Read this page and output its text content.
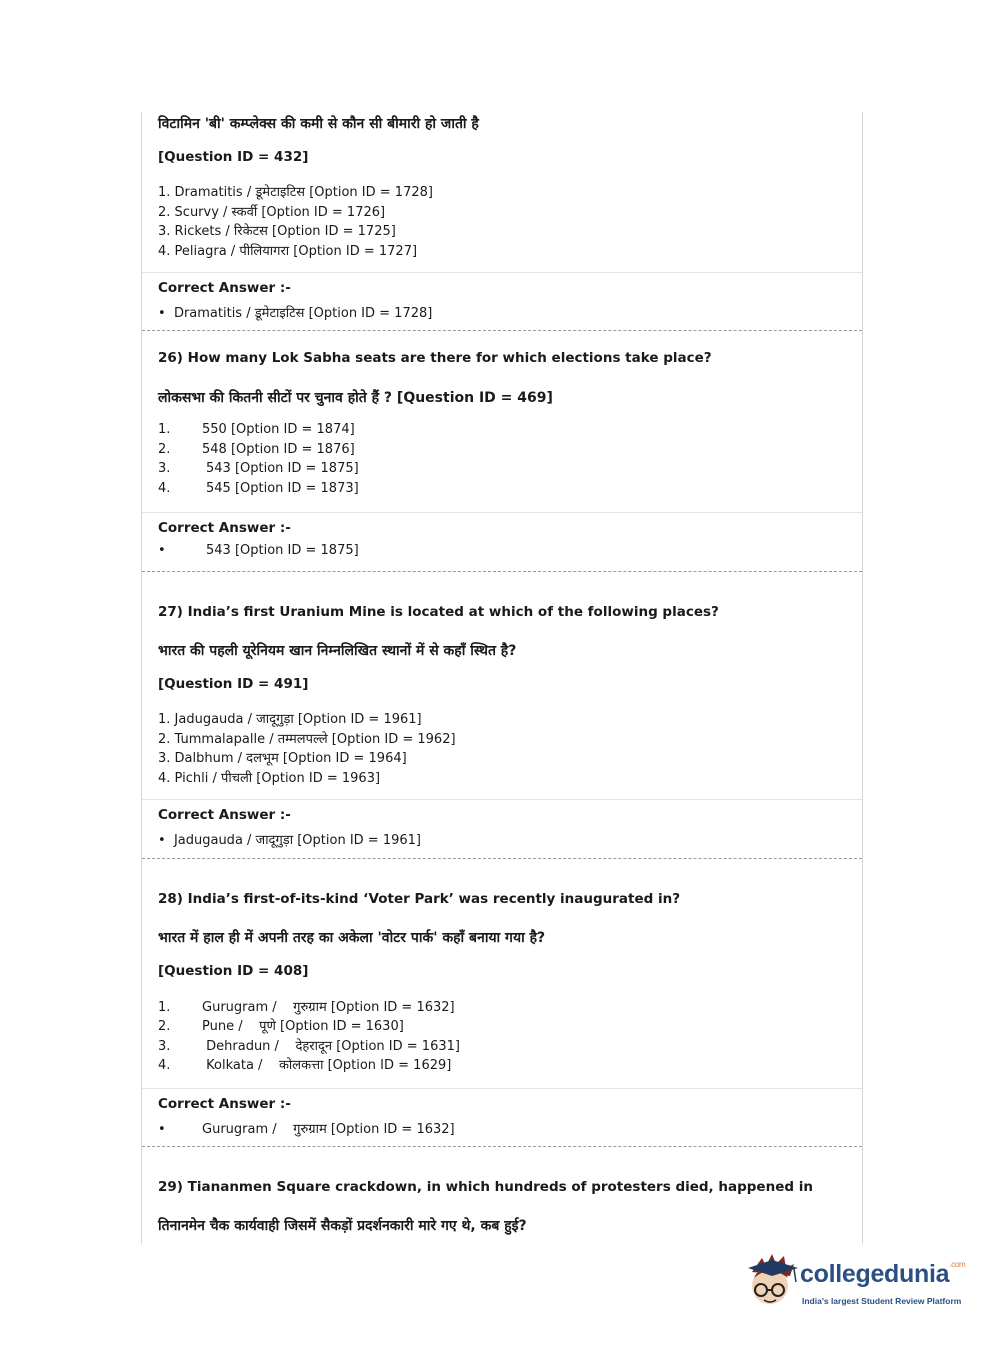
विटामिन 'बी' कम्प्लेक्स की कमी से कौन सी बीमारी हो जाती है
[Question ID = 432]
1. Dramatitis / डूमेटाइटिस [Option ID = 1728]
2. Scurvy / स्कर्वी [Option ID = 1726]
3. Rickets / रिकेटस [Option ID = 1725]
4. Peliagra / पीलियागरा [Option ID = 1727]
Correct Answer :-
• Dramatitis / डूमेटाइटिस [Option ID = 1728]
26) How many Lok Sabha seats are there for which elections take place?
लोकसभा की कितनी सीटों पर चुनाव होते हैं ? [Question ID = 469]
1. 550 [Option ID = 1874]
2. 548 [Option ID = 1876]
3.	543 [Option ID = 1875]
4.	545 [Option ID = 1873]
Correct Answer :-
•	543 [Option ID = 1875]
27) India’s first Uranium Mine is located at which of the following places?
भारत की पहली यूरेनियम खान निम्नलिखित स्थानों में से कहाँ स्थित है?
[Question ID = 491]
1. Jadugauda / जादूगुड़ा [Option ID = 1961]
2. Tummalapalle / तम्मलपल्ले [Option ID = 1962]
3. Dalbhum / दलभूम [Option ID = 1964]
4. Pichli / पीचली [Option ID = 1963]
Correct Answer :-
• Jadugauda / जादूगुड़ा [Option ID = 1961]
28) India’s first-of-its-kind ‘Voter Park’ was recently inaugurated in?
भारत में हाल ही में अपनी तरह का अकेला 'वोटर पार्क' कहाँ बनाया गया है?
[Question ID = 408]
1. Gurugram /    गुरुग्राम [Option ID = 1632]
2. Pune /    पूणे [Option ID = 1630]
3. Dehradun /    देहरादून [Option ID = 1631]
4. Kolkata /    कोलकत्ता [Option ID = 1629]
Correct Answer :-
•	Gurugram /    गुरुग्राम [Option ID = 1632]
29) Tiananmen Square crackdown, in which hundreds of protesters died, happened in
तिनानमेन चैक कार्यवाही जिसमें सैकड़ों प्रदर्शनकारी मारे गए थे, कब हुई?
collegedunia$^{.com}$
India's largest Student Review Platform
